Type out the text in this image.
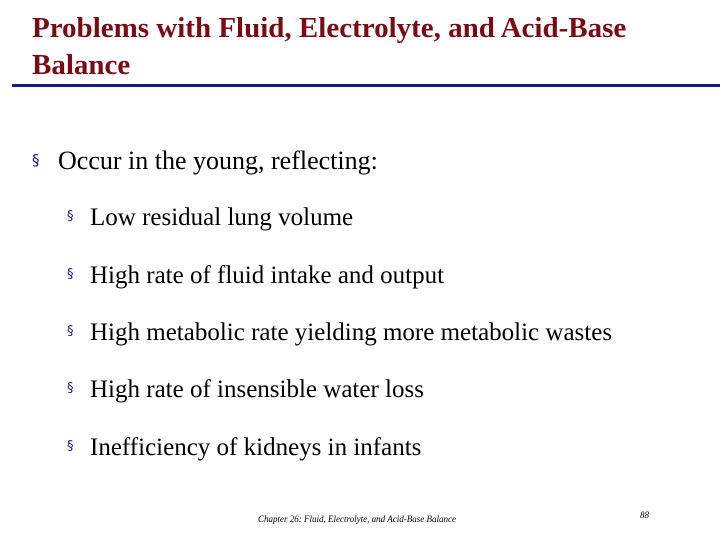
Problems with Fluid, Electrolyte, and Acid-Base Balance
§ Occur in the young, reflecting:
§ Low residual lung volume
§ High rate of fluid intake and output
§ High metabolic rate yielding more metabolic wastes
§ High rate of insensible water loss
§ Inefficiency of kidneys in infants
Chapter 26: Fluid, Electrolyte, and Acid-Base Balance	88
